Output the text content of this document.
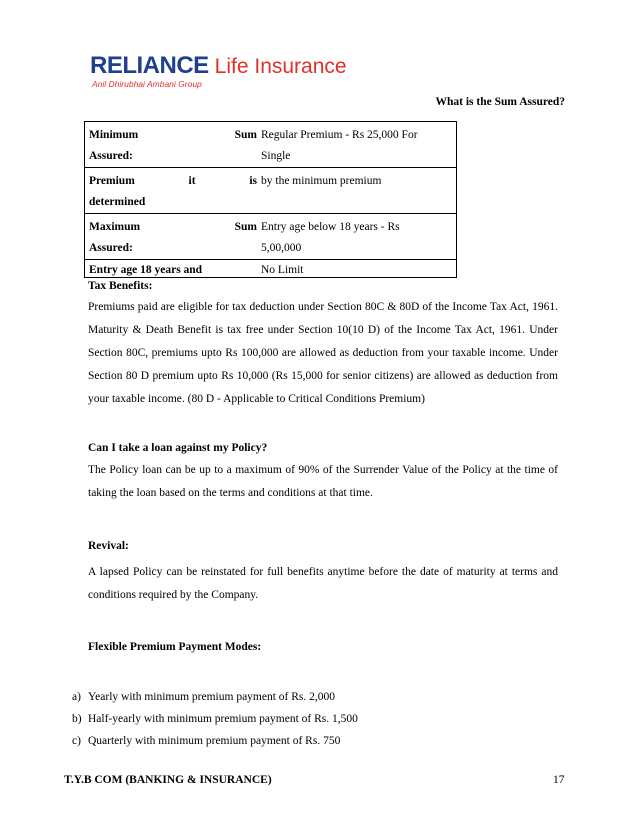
RELIANCE Life Insurance
Anil Dhirubhai Ambani Group
What is the Sum Assured?
Minimum Sum
Assured:	Regular Premium - Rs 25,000 For
Single

Premium it is
determined	by the minimum premium

Maximum Sum
Assured:	Entry age below 18 years - Rs
5,00,000

Entry age 18 years and	No Limit
Tax Benefits:
Premiums paid are eligible for tax deduction under Section 80C & 80D of the Income Tax Act, 1961. Maturity & Death Benefit is tax free under Section 10(10 D) of the Income Tax Act, 1961. Under Section 80C, premiums upto Rs 100,000 are allowed as deduction from your taxable income. Under Section 80 D premium upto Rs 10,000 (Rs 15,000 for senior citizens) are allowed as deduction from your taxable income. (80 D - Applicable to Critical Conditions Premium)
Can I take a loan against my Policy?
The Policy loan can be up to a maximum of 90% of the Surrender Value of the Policy at the time of taking the loan based on the terms and conditions at that time.
Revival:
A lapsed Policy can be reinstated for full benefits anytime before the date of maturity at terms and conditions required by the Company.
Flexible Premium Payment Modes:
a) Yearly with minimum premium payment of Rs. 2,000
b) Half-yearly with minimum premium payment of Rs. 1,500
c) Quarterly with minimum premium payment of Rs. 750
T.Y.B COM (BANKING & INSURANCE)	17
